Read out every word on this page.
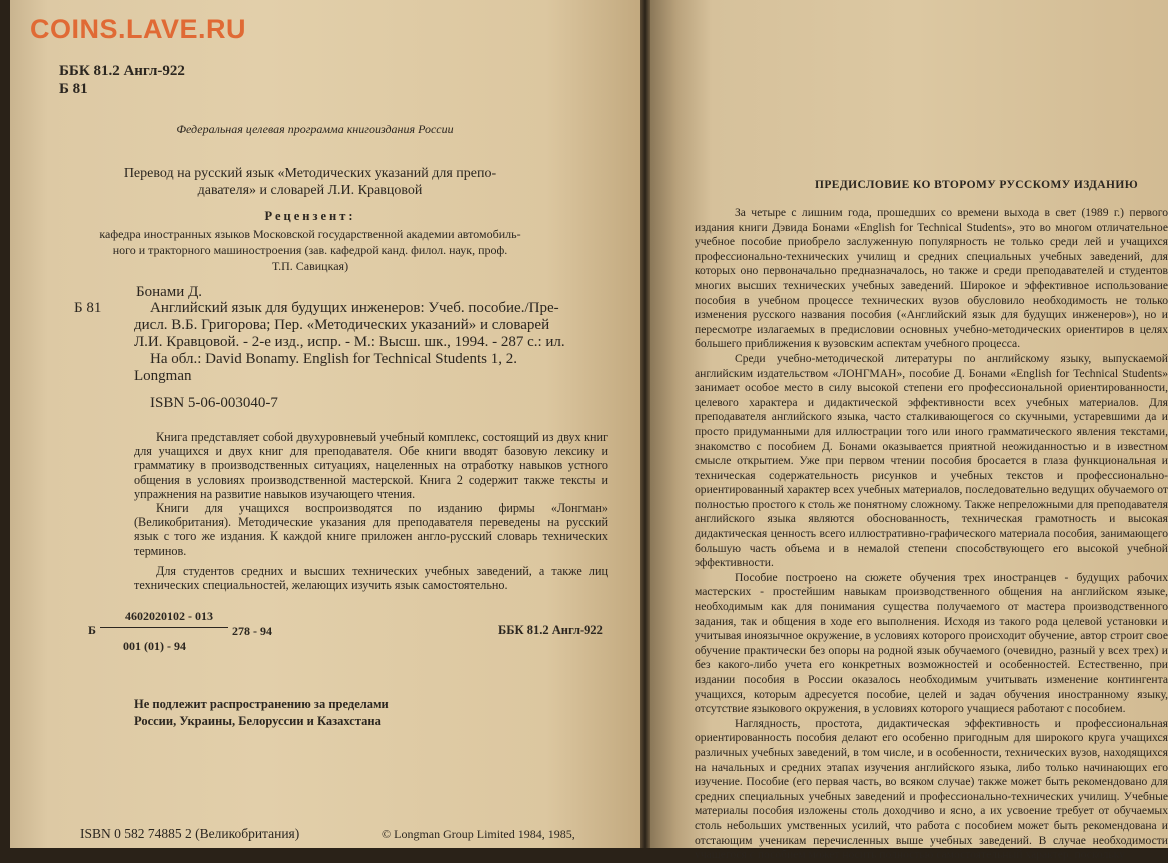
ББК 81.2 Англ-922
Б 81
Федеральная целевая программа книгоиздания России
Перевод на русский язык «Методических указаний для препо-
давателя» и словарей Л.И. Кравцовой
Рецензент:
кафедра иностранных языков Московской государственной академии автомобиль-
ного и тракторного машиностроения (зав. кафедрой канд. филол. наук, проф.
Т.П. Савицкая)
Бонами Д.
Б 81	Английский язык для будущих инженеров: Учеб. пособие./Пре-
дисл. В.Б. Григорова; Пер. «Методических указаний» и словарей
Л.И. Кравцовой. - 2-е изд., испр. - М.: Высш. шк., 1994. - 287 с.: ил.
На обл.: David Bonamy. English for Technical Students 1, 2.
Longman
ISBN 5-06-003040-7

Книга представляет собой двухуровневый учебный комплекс, состоящий из двух книг для учащихся и двух книг для преподавателя. Обе книги вводят базовую лексику и грамматику в производственных ситуациях, нацеленных на отработку навыков устного общения в условиях производственной мастерской. Книга 2 содержит также тексты и упражнения на развитие навыков изучающего чтения.

Книги для учащихся воспроизводятся по изданию фирмы «Лонгман» (Великобритания). Методические указания для преподавателя переведены на русский язык с того же издания. К каждой книге приложен англо-русский словарь технических терминов.

Для студентов средних и высших технических учебных заведений, а также лиц технических специальностей, желающих изучить язык самостоятельно.

Б
4602020102 - 013
001 (01) - 94
278 - 94	ББК 81.2 Англ-922
Не подлежит распространению за пределами
России, Украины, Белоруссии и Казахстана
ISBN 0 582 74885 2 (Великобритания)	© Longman Group Limited 1984, 1985,
ПРЕДИСЛОВИЕ КО ВТОРОМУ РУССКОМУ ИЗДАНИЮ

За четыре с лишним года, прошедших со времени выхода в свет (1989 г.) первого издания книги Дэвида Бонами «English for Technical Students», это во многом отличательное учебное пособие приобрело заслуженную популярность не только среди лей и учащихся профессионально-технических училищ и средних специальных учебных заведений, для которых оно первоначально предназначалось, но также и среди преподавателей и студентов многих высших технических учебных заведений. Широкое и эффективное использование пособия в учебном процессе технических вузов обусловило необходимость не только изменения русского названия пособия («Английский язык для будущих инженеров»), но и пересмотре излагаемых в предисловии основных учебно-методических ориентиров в целях большего приближения к вузовским аспектам учебного процесса.

Среди учебно-методической литературы по английскому языку, выпускаемой английским издательством «ЛОНГМАН», пособие Д. Бонами «English for Technical Students» занимает особое место в силу высокой степени его профессиональной ориентированности, целевого характера и дидактической эффективности всех учебных материалов. Для преподавателя английского языка, часто сталкивающегося со скучными, устаревшими да и просто придуманными для иллюстрации того или иного грамматического явления текстами, знакомство с пособием Д. Бонами оказывается приятной неожиданностью и в известном смысле открытием. Уже при первом чтении пособия бросается в глаза функциональная и техническая содержательность рисунков и учебных текстов и профессионально-ориентированный характер всех учебных материалов, последовательно ведущих обучаемого от полностью простого к столь же понятному сложному. Также непреложными для преподавателя английского языка являются обоснованность, техническая грамотность и высокая дидактическая ценность всего иллюстративно-графического материала пособия, занимающего большую часть объема и в немалой степени способствующего его высокой учебной эффективности.

Пособие построено на сюжете обучения трех иностранцев - будущих рабочих мастерских - простейшим навыкам производственного общения на английском языке, необходимым как для понимания существа получаемого от мастера производственного задания, так и общения в ходе его выполнения. Исходя из такого рода целевой установки и учитывая иноязычное окружение, в условиях которого происходит обучение, автор строит свое обучение практически без опоры на родной язык обучаемого (очевидно, разный у всех трех) и без какого-либо учета его конкретных возможностей и особенностей. Естественно, при издании пособия в России оказалось необходимым учитывать изменение контингента учащихся, которым адресуется пособие, целей и задач обучения иностранному языку, отсутствие языкового окружения, в условиях которого учащиеся работают с пособием.

Наглядность, простота, дидактическая эффективность и профессиональная ориентированность пособия делают его особенно пригодным для широкого круга учащихся различных учебных заведений, в том числе, и в особенности, технических вузов, находящихся на начальных и средних этапах изучения английского языка, либо только начинающих его изучение. Пособие (его первая часть, во всяком случае) также может быть рекомендовано для средних специальных учебных заведений и профессионально-технических училищ. Учебные материалы пособия изложены столь доходчиво и ясно, а их усвоение требует от обучаемых столь небольших умственных усилий, что работа с пособием может быть рекомендована и отстающим ученикам перечисленных выше учебных заведений. В случае необходимости учащегося с пособием может носить полностью самостоятельный характер, поскольку

COINS.LAVE.RU
